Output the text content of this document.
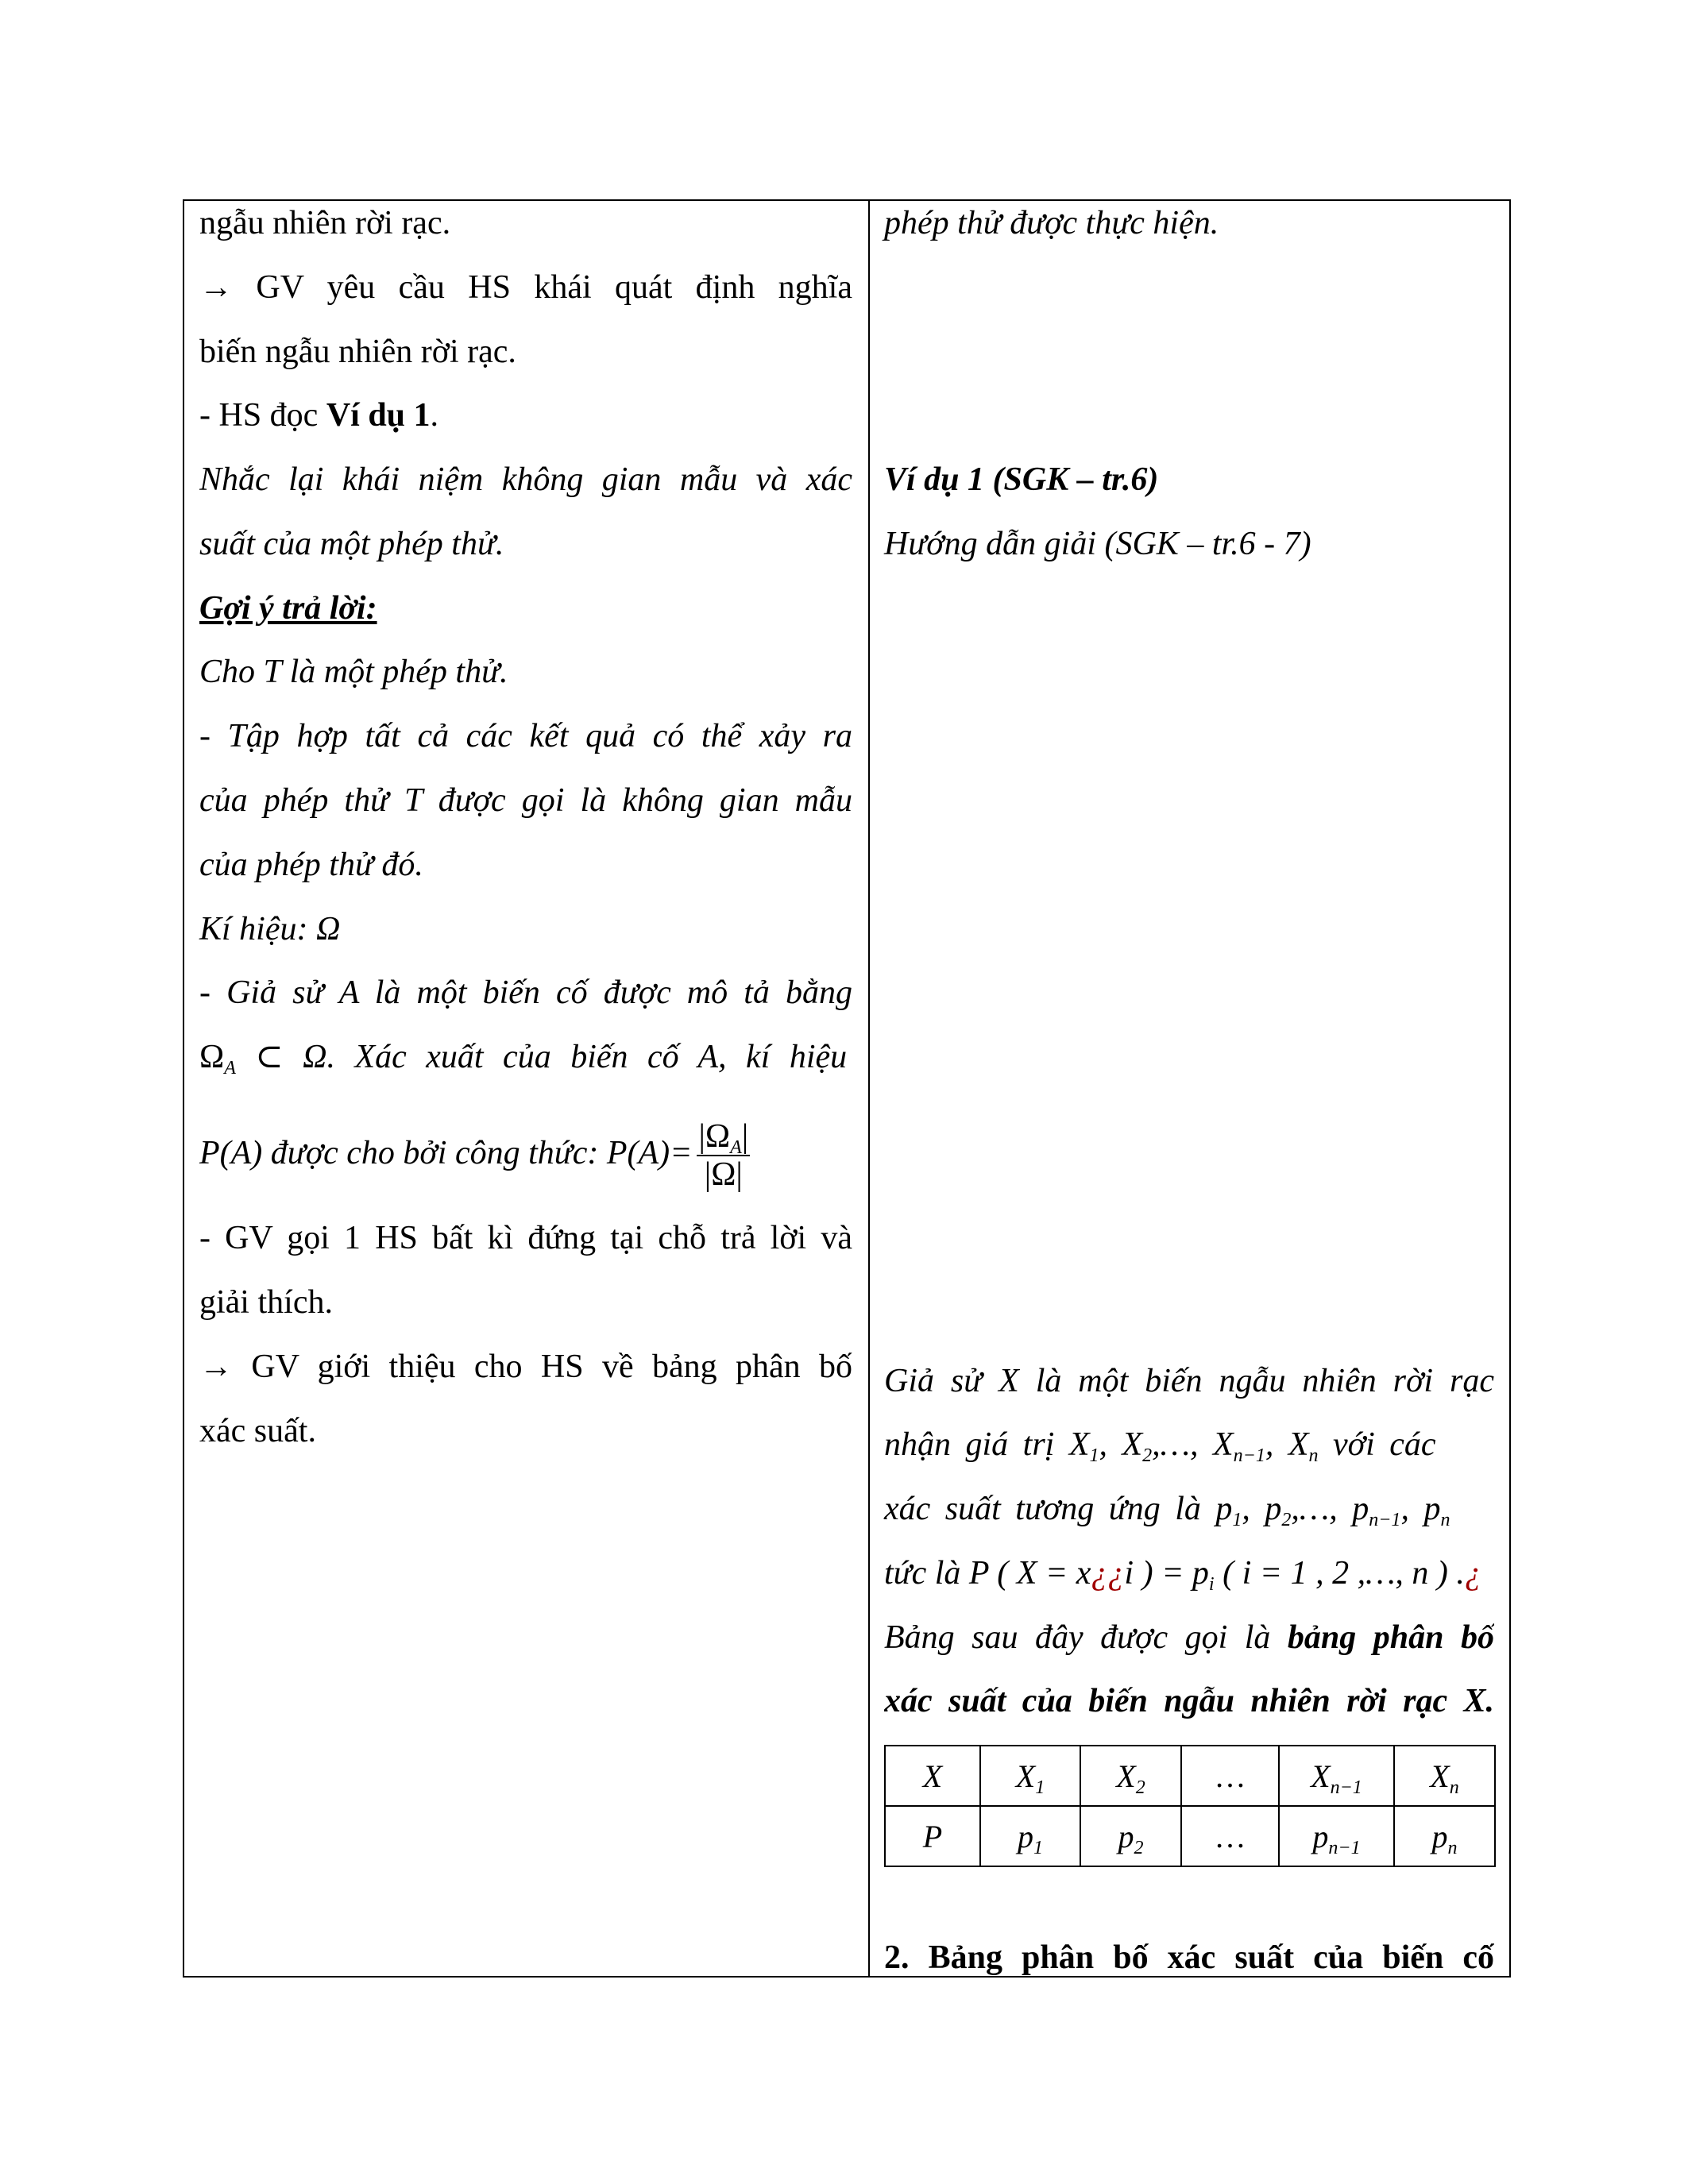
ngẫu nhiên rời rạc.
→ GV yêu cầu HS khái quát định nghĩa
biến ngẫu nhiên rời rạc.
- HS đọc Ví dụ 1.
Nhắc lại khái niệm không gian mẫu và xác
suất của một phép thử.
Gợi ý trả lời:
Cho T là một phép thử.
- Tập hợp tất cả các kết quả có thể xảy ra
của phép thử T được gọi là không gian mẫu
của phép thử đó.
Kí hiệu: Ω
- Giả sử A là một biến cố được mô tả bằng
$\Omega_A$ ⊂ Ω. Xác xuất của biến cố A, kí hiệu
P(A) được cho bởi công thức: $P(A)= \frac{|\Omega_A|}{|\Omega|}$
- GV gọi 1 HS bất kì đứng tại chỗ trả lời và
giải thích.
→ GV giới thiệu cho HS về bảng phân bố
xác suất.
phép thử được thực hiện.
Ví dụ 1 (SGK – tr.6)
Hướng dẫn giải (SGK – tr.6 - 7)
Giả sử X là một biến ngẫu nhiên rời rạc
nhận giá trị $X_1$, $X_2,\dots$, $X_{n-1}$, $X_n$ với các
xác suất tương ứng là $p_1$, $p_2,\dots$, $p_{n-1}$, $p_n$
tức là P ( X = x¿¿i ) = $p_i$ ( i = 1 , 2 ,…, n ) .¿
Bảng sau đây được gọi là bảng phân bố
xác suất của biến ngẫu nhiên rời rạc X.
X	$X_1$	$X_2$	…	$X_{n-1}$	$X_n$
P	$p_1$	$p_2$	…	$p_{n-1}$	$p_n$
2. Bảng phân bố xác suất của biến cố
